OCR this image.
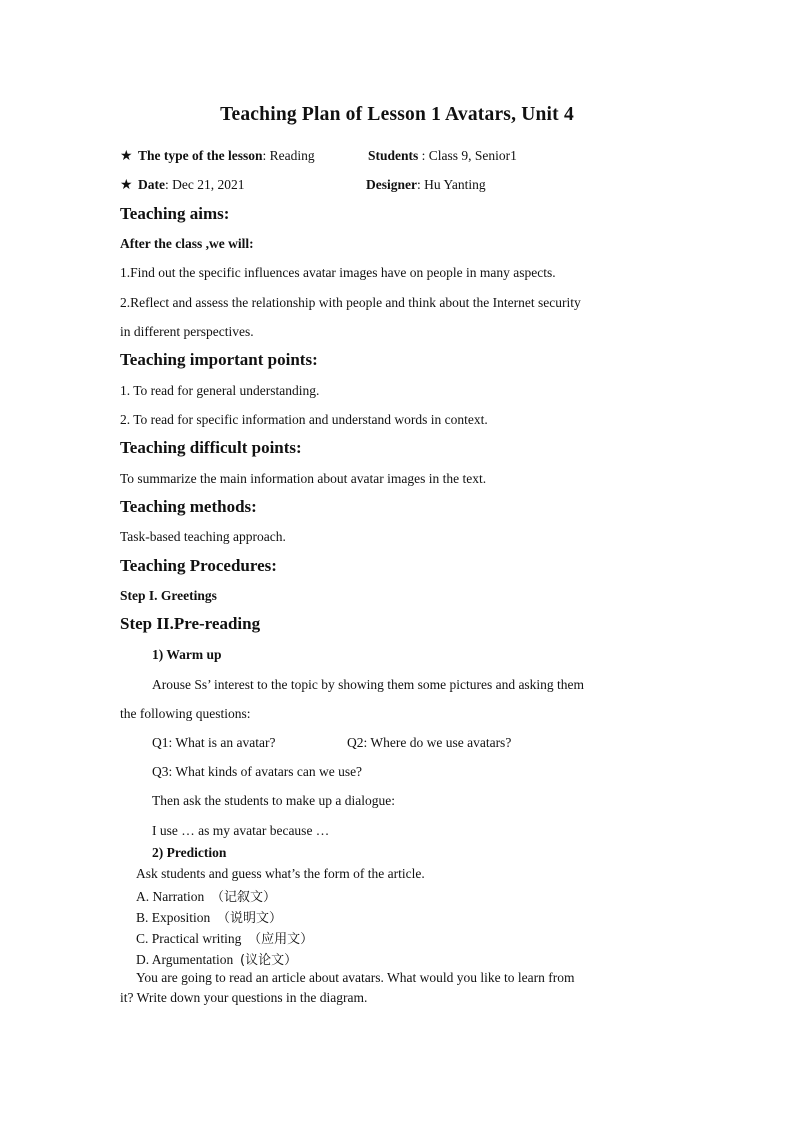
Teaching Plan of Lesson 1 Avatars, Unit 4
★ The type of the lesson: Reading	Students : Class 9, Senior1
★ Date: Dec 21, 2021	Designer: Hu Yanting
Teaching aims:
After the class ,we will:
1.Find out the specific influences avatar images have on people in many aspects.
2.Reflect and assess the relationship with people and think about the Internet security
in different perspectives.
Teaching important points:
1. To read for general understanding.
2. To read for specific information and understand words in context.
Teaching difficult points:
To summarize the main information about avatar images in the text.
Teaching methods:
Task-based teaching approach.
Teaching Procedures:
Step I. Greetings
Step II.Pre-reading
1) Warm up
Arouse Ss’ interest to the topic by showing them some pictures and asking them
the following questions:
Q1: What is an avatar?	Q2: Where do we use avatars?
Q3: What kinds of avatars can we use?
Then ask the students to make up a dialogue:
I use … as my avatar because …
2) Prediction
Ask students and guess what’s the form of the article.
A. Narration （记叙文）
B. Exposition （说明文）
C. Practical writing （应用文）
D. Argumentation (议论文）
You are going to read an article about avatars. What would you like to learn from
it? Write down your questions in the diagram.
